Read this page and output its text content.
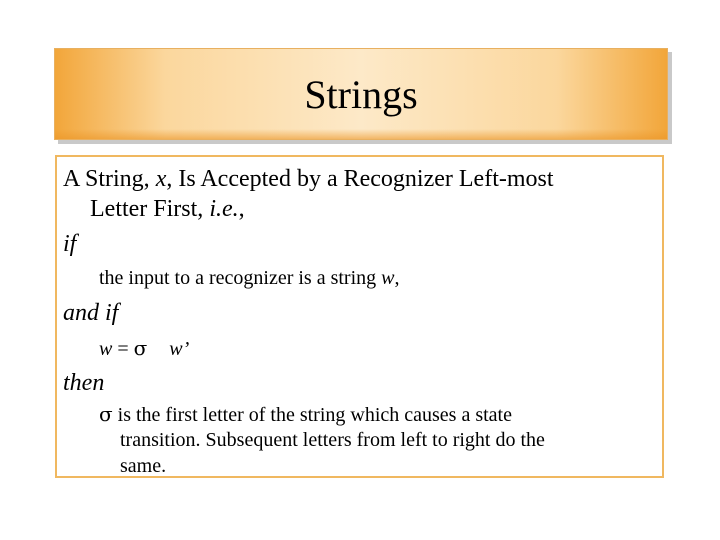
Strings
A String, x, Is Accepted by a Recognizer Left-most
Letter First, i.e.,
if
the input to a recognizer is a string w,
and if
w = σ w’
then
σ is the first letter of the string which causes a state
transition. Subsequent letters from left to right do the
same.
